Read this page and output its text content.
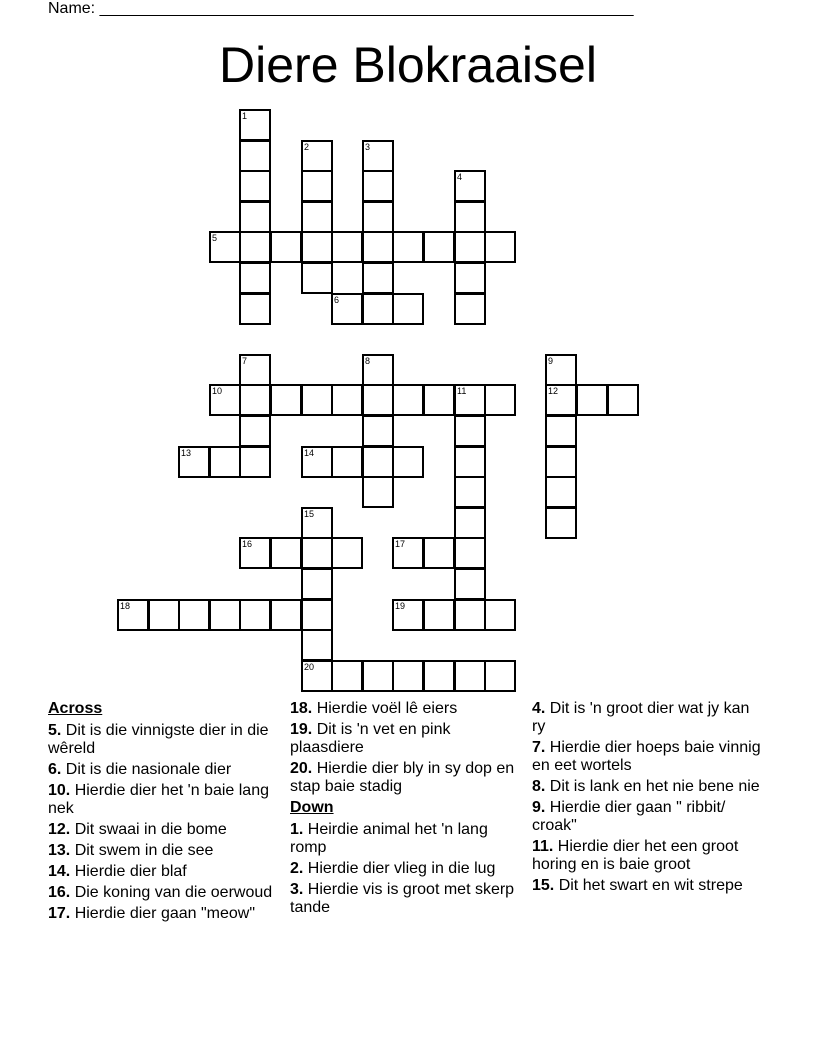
Name: ____________________________________________________________
Diere Blokraaisel
1
2	3
4
5
6
7	8	9
12
10	11
13	14
15
20
16	17
18	19
Across
5. Dit is die vinnigste dier in die wêreld
6. Dit is die nasionale dier
10. Hierdie dier het 'n baie lang nek
12. Dit swaai in die bome
13. Dit swem in die see
14. Hierdie dier blaf
16. Die koning van die oerwoud
17. Hierdie dier gaan "meow"
18. Hierdie voël lê eiers
19. Dit is 'n vet en pink plaasdiere
20. Hierdie dier bly in sy dop en stap baie stadig
Down
1. Heirdie animal het 'n lang romp
2. Hierdie dier vlieg in die lug
3. Hierdie vis is groot met skerp tande
4. Dit is 'n groot dier wat jy kan ry
7. Hierdie dier hoeps baie vinnig en eet wortels
8. Dit is lank en het nie bene nie
9. Hierdie dier gaan " ribbit/ croak"
11. Hierdie dier het een groot horing en is baie groot
15. Dit het swart en wit strepe
